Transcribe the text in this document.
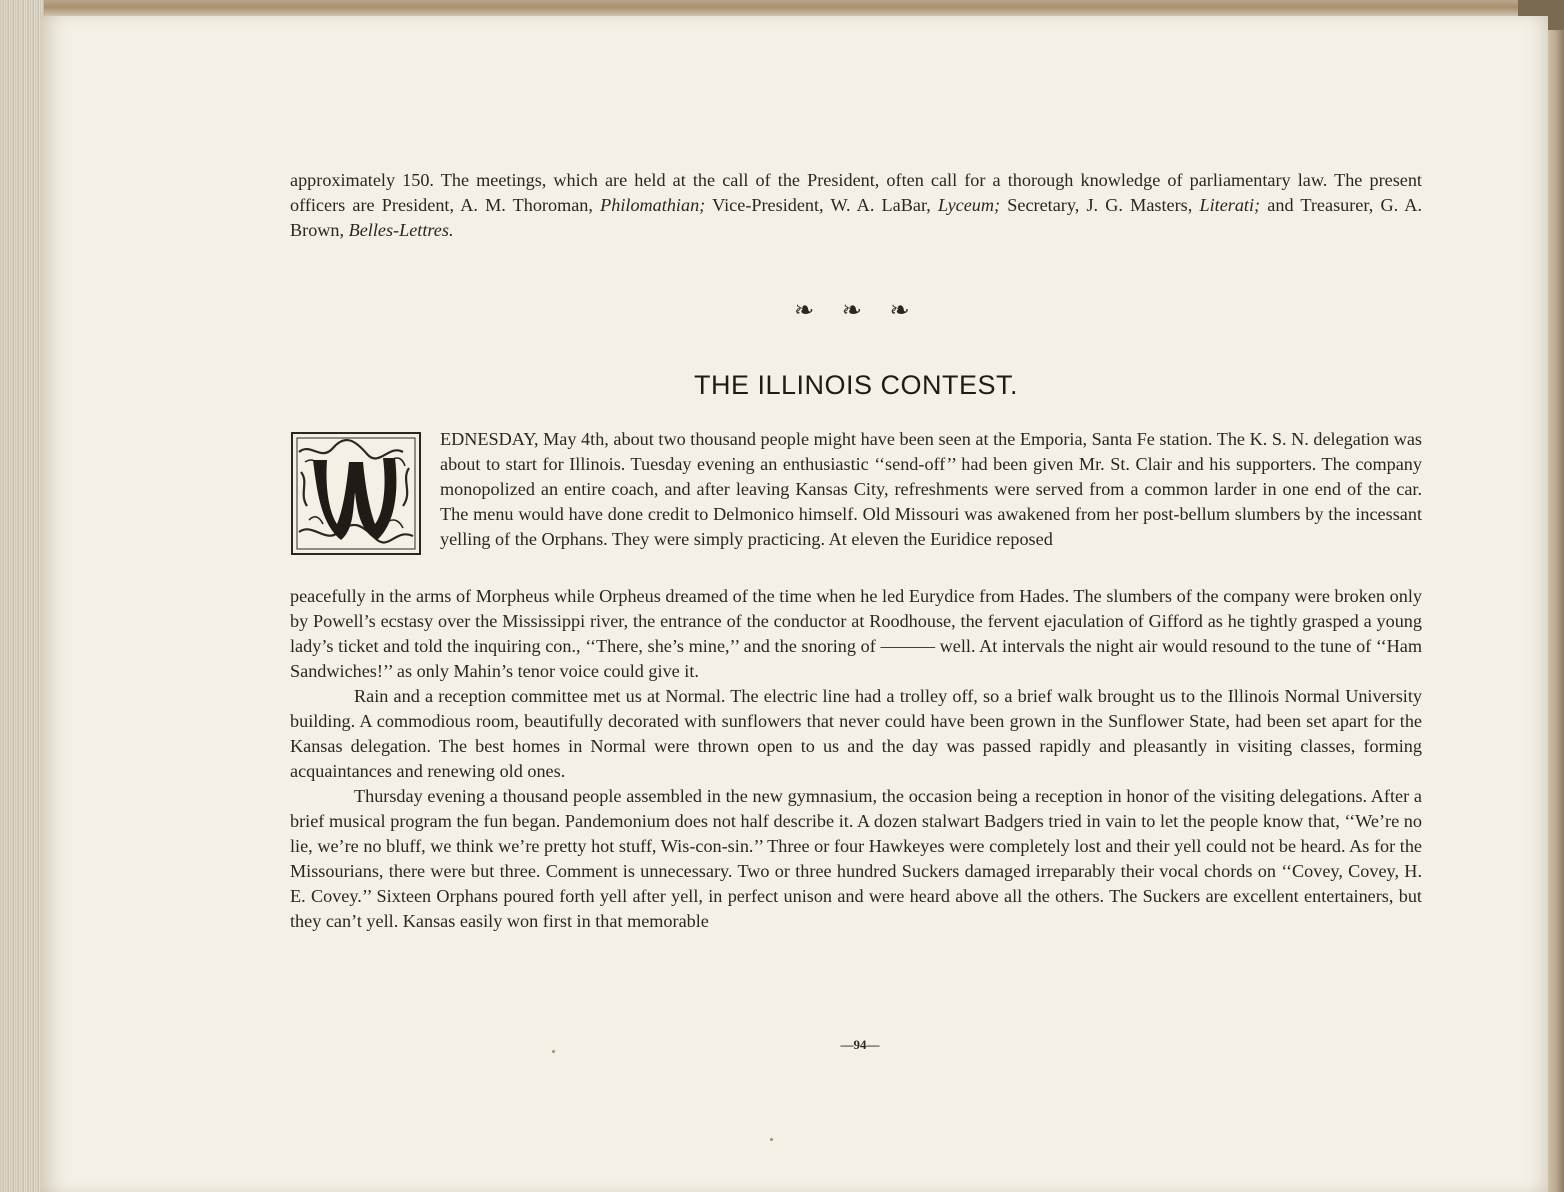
approximately 150. The meetings, which are held at the call of the President, often call for a thorough knowledge of parliamentary law. The present officers are President, A. M. Thoroman, Philomathian; Vice-President, W. A. LaBar, Lyceum; Secretary, J. G. Masters, Literati; and Treasurer, G. A. Brown, Belles-Lettres.

❧ ❧ ❧
THE ILLINOIS CONTEST.

EDNESDAY, May 4th, about two thousand people might have been seen at the Emporia, Santa Fe station. The K. S. N. delegation was about to start for Illinois. Tuesday evening an enthusiastic ‘‘send-off’’ had been given Mr. St. Clair and his supporters. The company monopolized an entire coach, and after leaving Kansas City, refreshments were served from a common larder in one end of the car. The menu would have done credit to Delmonico himself. Old Missouri was awakened from her post-bellum slumbers by the incessant yelling of the Orphans. They were simply practicing. At eleven the Euridice reposed

peacefully in the arms of Morpheus while Orpheus dreamed of the time when he led Eurydice from Hades. The slumbers of the company were broken only by Powell’s ecstasy over the Mississippi river, the entrance of the conductor at Roodhouse, the fervent ejaculation of Gifford as he tightly grasped a young lady’s ticket and told the inquiring con., ‘‘There, she’s mine,’’ and the snoring of ——— well. At intervals the night air would resound to the tune of ‘‘Ham Sandwiches!’’ as only Mahin’s tenor voice could give it.

Rain and a reception committee met us at Normal. The electric line had a trolley off, so a brief walk brought us to the Illinois Normal University building. A commodious room, beautifully decorated with sunflowers that never could have been grown in the Sunflower State, had been set apart for the Kansas delegation. The best homes in Normal were thrown open to us and the day was passed rapidly and pleasantly in visiting classes, forming acquaintances and renewing old ones.

Thursday evening a thousand people assembled in the new gymnasium, the occasion being a reception in honor of the visiting delegations. After a brief musical program the fun began. Pandemonium does not half describe it. A dozen stalwart Badgers tried in vain to let the people know that, ‘‘We’re no lie, we’re no bluff, we think we’re pretty hot stuff, Wis-con-sin.’’ Three or four Hawkeyes were completely lost and their yell could not be heard. As for the Missourians, there were but three. Comment is unnecessary. Two or three hundred Suckers damaged irreparably their vocal chords on ‘‘Covey, Covey, H. E. Covey.’’ Sixteen Orphans poured forth yell after yell, in perfect unison and were heard above all the others. The Suckers are excellent entertainers, but they can’t yell. Kansas easily won first in that memorable

—94—
